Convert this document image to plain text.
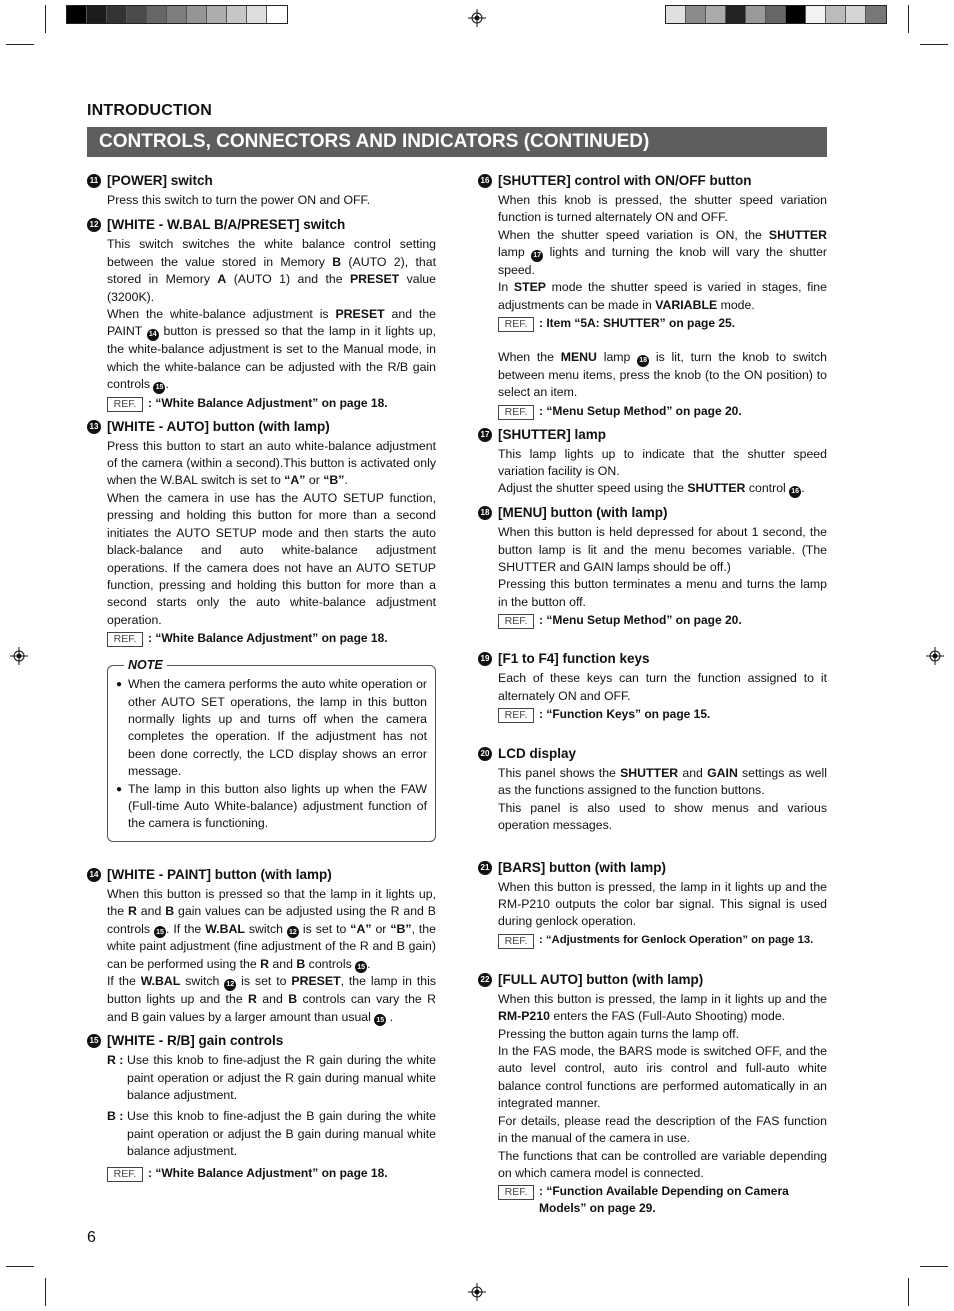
INTRODUCTION
CONTROLS, CONNECTORS AND INDICATORS (CONTINUED)
11 [POWER] switch

Press this switch to turn the power ON and OFF.

12 [WHITE - W.BAL B/A/PRESET] switch

This switch switches the white balance control setting between the value stored in Memory B (AUTO 2), that stored in Memory A (AUTO 1) and the PRESET value (3200K).

When the white-balance adjustment is PRESET and the PAINT 14 button is pressed so that the lamp in it lights up, the white-balance adjustment is set to the Manual mode, in which the white-balance can be adjusted with the R/B gain controls 15 .

REF. : “White Balance Adjustment” on page 18.
13 [WHITE - AUTO] button (with lamp)

Press this button to start an auto white-balance adjustment of the camera (within a second).This button is activated only when the W.BAL switch is set to “A” or “B”.

When the camera in use has the AUTO SETUP function, pressing and holding this button for more than a second initiates the AUTO SETUP mode and then starts the auto black-balance and auto white-balance adjustment operations. If the camera does not have an AUTO SETUP function, pressing and holding this button for more than a second starts only the auto white-balance adjustment operation.

REF. : “White Balance Adjustment” on page 18.
NOTE
● When the camera performs the auto white operation or other AUTO SET operations, the lamp in this button normally lights up and turns off when the camera completes the operation. If the adjustment has not been done correctly, the LCD display shows an error message.
● The lamp in this button also lights up when the FAW (Full-time Auto White-balance) adjustment function of the camera is functioning.
14 [WHITE - PAINT] button (with lamp)

When this button is pressed so that the lamp in it lights up, the R and B gain values can be adjusted using the R and B controls 15 . If the W.BAL switch 12 is set to “A” or “B”, the white paint adjustment (fine adjustment of the R and B gain) can be performed using the R and B controls 15 .

If the W.BAL switch 12 is set to PRESET, the lamp in this button lights up and the R and B controls can vary the R and B gain values by a larger amount than usual 15 .

15 [WHITE - R/B] gain controls
R : Use this knob to fine-adjust the R gain during the white paint operation or adjust the R gain during manual white balance adjustment.
B : Use this knob to fine-adjust the B gain during the white paint operation or adjust the B gain during manual white balance adjustment.
REF. : “White Balance Adjustment” on page 18.
16 [SHUTTER] control with ON/OFF button

When this knob is pressed, the shutter speed variation function is turned alternately ON and OFF.

When the shutter speed variation is ON, the SHUTTER lamp 17 lights and turning the knob will vary the shutter speed.

In STEP mode the shutter speed is varied in stages, fine adjustments can be made in VARIABLE mode.

REF. : Item “5A: SHUTTER” on page 25.

When the MENU lamp 18 is lit, turn the knob to switch between menu items, press the knob (to the ON position) to select an item.

REF. : “Menu Setup Method” on page 20.
17 [SHUTTER] lamp

This lamp lights up to indicate that the shutter speed variation facility is ON.

Adjust the shutter speed using the SHUTTER control 16 .

18 [MENU] button (with lamp)

When this button is held depressed for about 1 second, the button lamp is lit and the menu becomes variable. (The SHUTTER and GAIN lamps should be off.)

Pressing this button terminates a menu and turns the lamp in the button off.

REF. : “Menu Setup Method” on page 20.
19 [F1 to F4] function keys

Each of these keys can turn the function assigned to it alternately ON and OFF.

REF. : “Function Keys” on page 15.
20 LCD display

This panel shows the SHUTTER and GAIN settings as well as the functions assigned to the function buttons.

This panel is also used to show menus and various operation messages.

21 [BARS] button (with lamp)

When this button is pressed, the lamp in it lights up and the RM-P210 outputs the color bar signal. This signal is used during genlock operation.

REF.	: “Adjustments for Genlock Operation” on page 13.
22 [FULL AUTO] button (with lamp)

When this button is pressed, the lamp in it lights up and the RM-P210 enters the FAS (Full-Auto Shooting) mode.

Pressing the button again turns the lamp off.

In the FAS mode, the BARS mode is switched OFF, and the auto level control, auto iris control and full-auto white balance control functions are performed automatically in an integrated manner.

For details, please read the description of the FAS function in the manual of the camera in use.

The functions that can be controlled are variable depending on which camera model is connected.

REF. : “Function Available Depending on Camera Models” on page 29.
6
